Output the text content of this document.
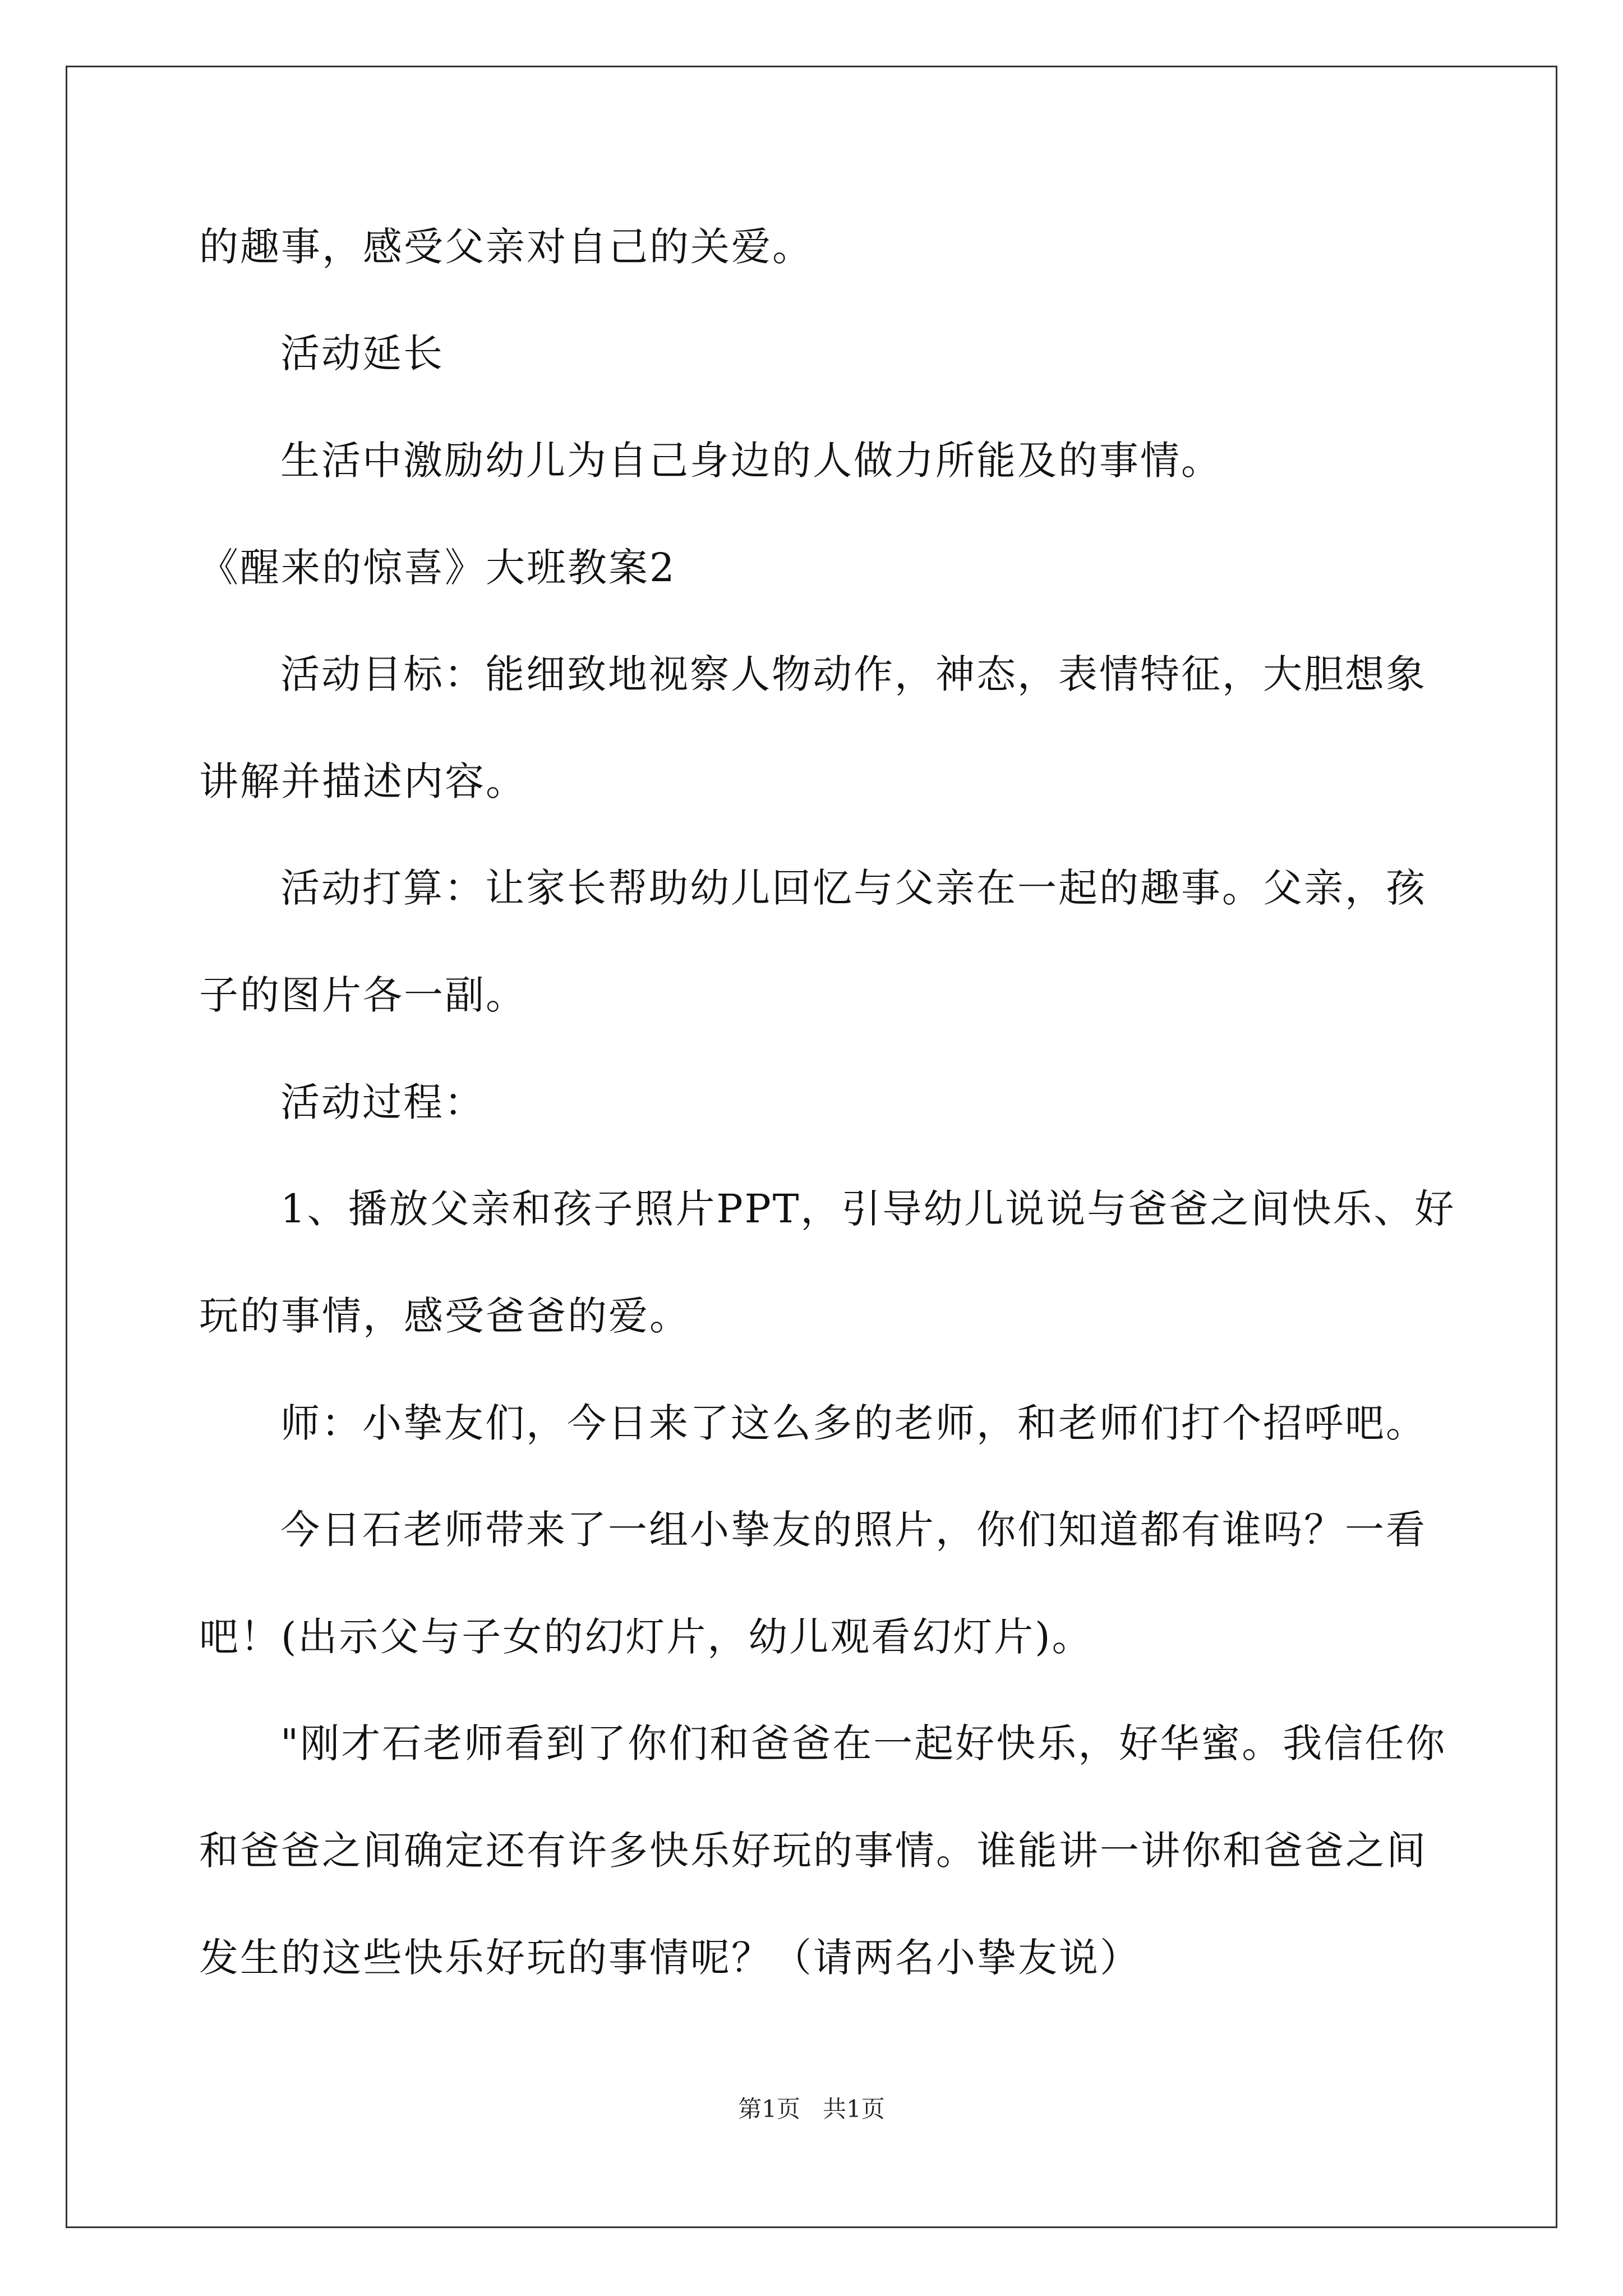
的趣事，感受父亲对自己的关爱。
活动延长
生活中激励幼儿为自己身边的人做力所能及的事情。
《醒来的惊喜》大班教案2
活动目标：能细致地视察人物动作，神态，表情特征，大胆想象
讲解并描述内容。
活动打算：让家长帮助幼儿回忆与父亲在一起的趣事。父亲，孩
子的图片各一副。
活动过程：
1、播放父亲和孩子照片PPT，引导幼儿说说与爸爸之间快乐、好
玩的事情，感受爸爸的爱。
师：小挚友们，今日来了这么多的老师，和老师们打个招呼吧。
今日石老师带来了一组小挚友的照片，你们知道都有谁吗？一看
吧！(出示父与子女的幻灯片，幼儿观看幻灯片)。
"刚才石老师看到了你们和爸爸在一起好快乐，好华蜜。我信任你
和爸爸之间确定还有许多快乐好玩的事情。谁能讲一讲你和爸爸之间
发生的这些快乐好玩的事情呢？（请两名小挚友说）
第1页   共1页
